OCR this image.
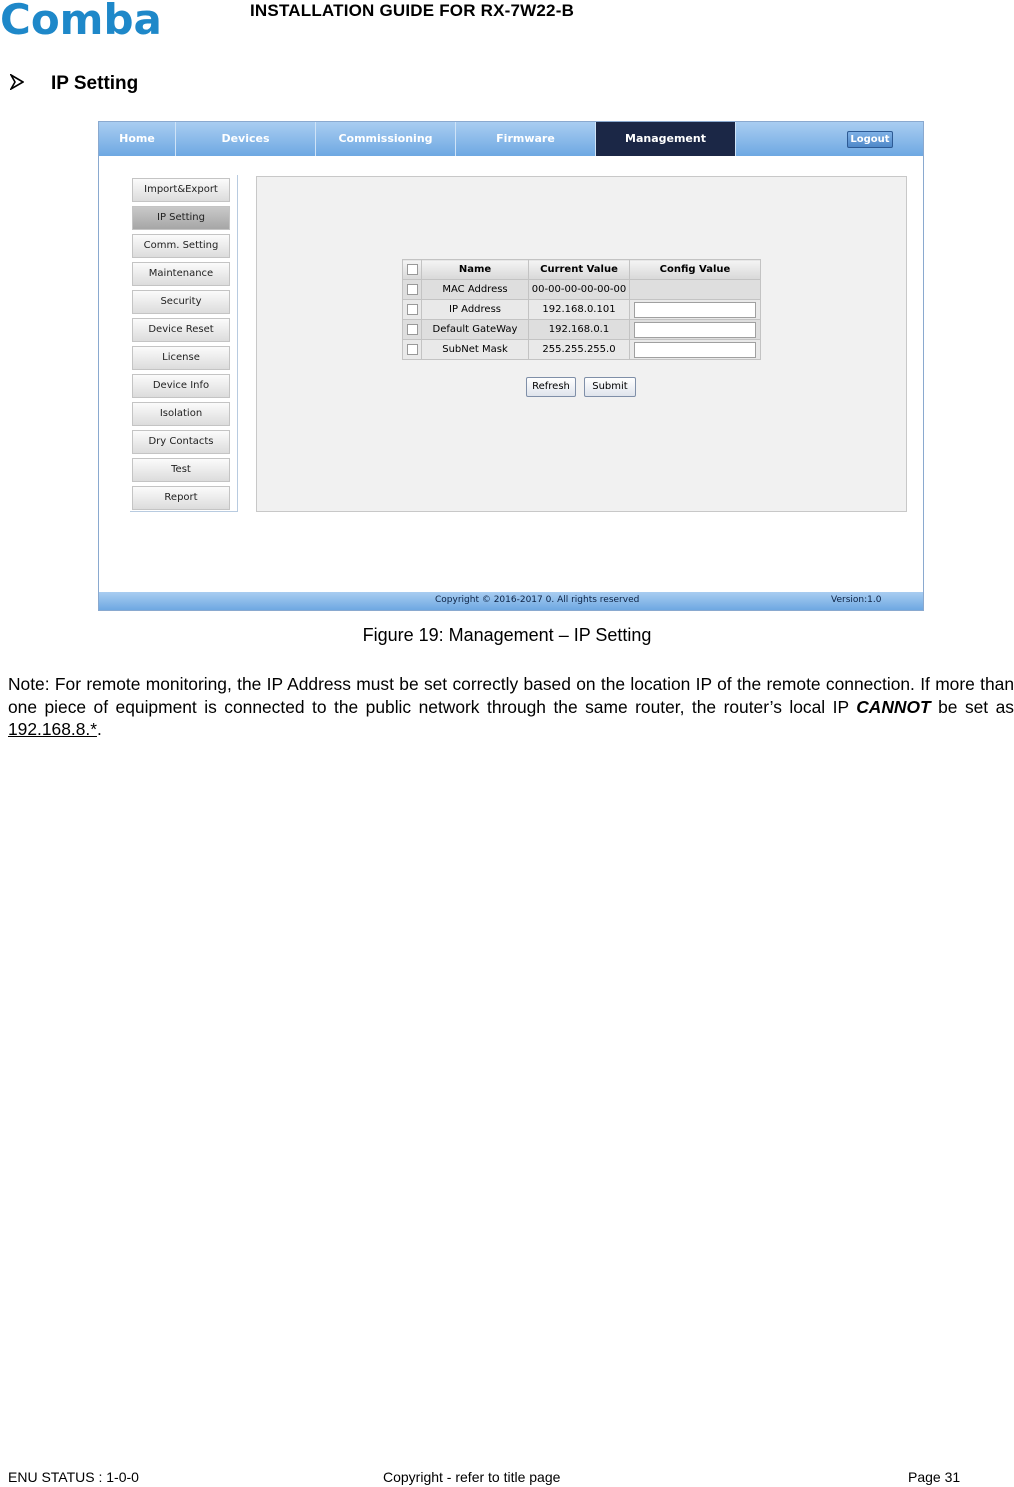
Comba	INSTALLATION GUIDE FOR RX-7W22-B
IP Setting
Home	Devices	Commissioning	Firmware	Management	Logout
Import&Export
IP Setting
Comm. Setting
Maintenance
Security
Device Reset
License
Device Info
Isolation
Dry Contacts
Test
Report
	Name	Current Value	Config Value
	MAC Address	00-00-00-00-00-00	
	IP Address	192.168.0.101	

	Default GateWay	192.168.0.1	

	SubNet Mask	255.255.255.0	
Refresh	Submit
Copyright © 2016-2017 0. All rights reserved	Version:1.0
Figure 19: Management – IP Setting
Note: For remote monitoring, the IP Address must be set correctly based on the location IP of the remote connection. If more than one piece of equipment is connected to the public network through the same router, the router’s local IP CANNOT be set as 192.168.8.*.
ENU STATUS : 1-0-0	Copyright - refer to title page	Page 31
